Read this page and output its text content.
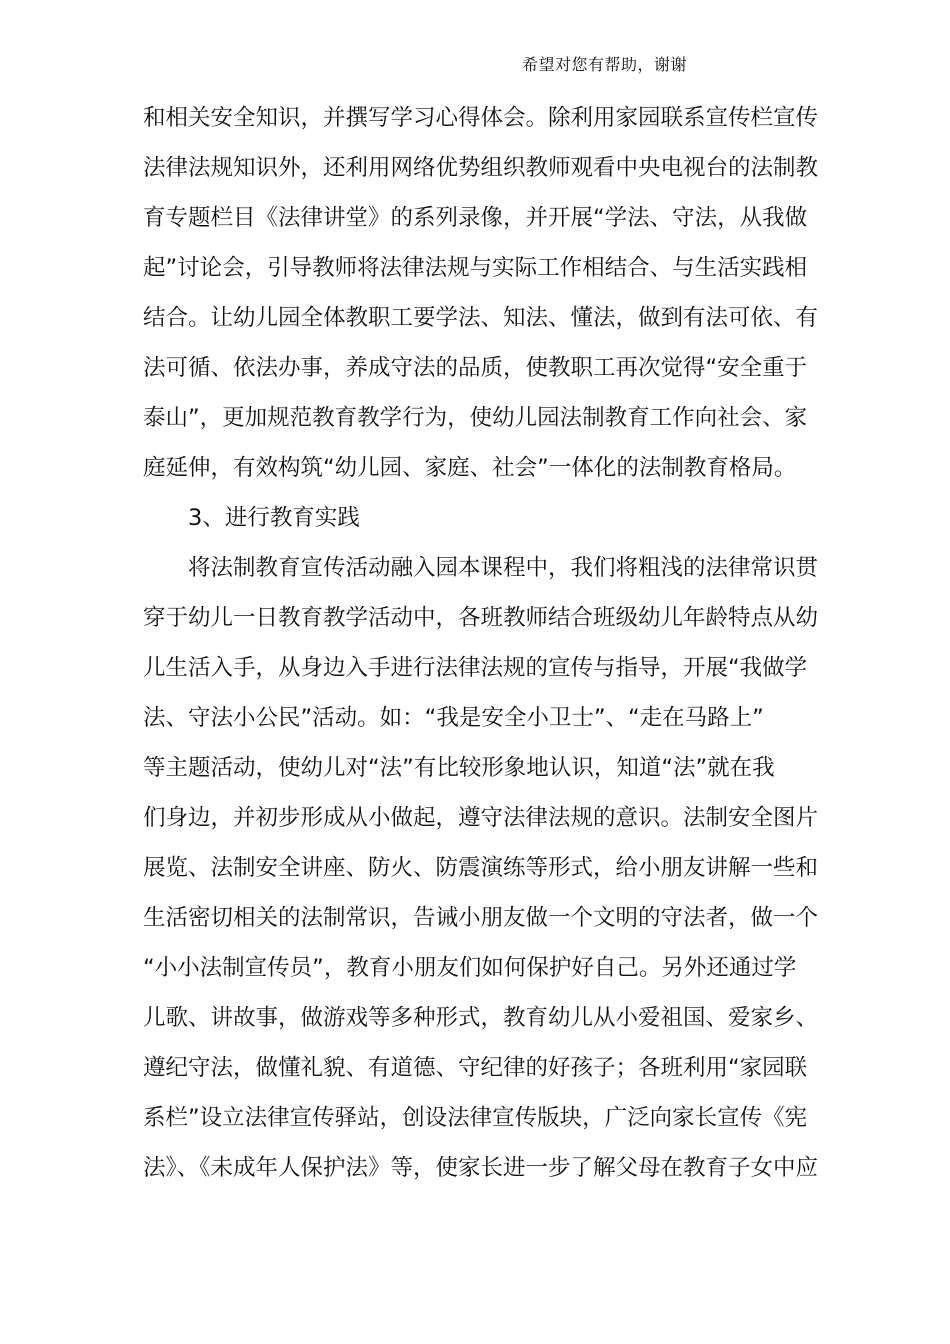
希望对您有帮助，谢谢
和相关安全知识，并撰写学习心得体会。除利用家园联系宣传栏宣传
法律法规知识外，还利用网络优势组织教师观看中央电视台的法制教
育专题栏目《法律讲堂》的系列录像，并开展“学法、守法，从我做
起”讨论会，引导教师将法律法规与实际工作相结合、与生活实践相
结合。让幼儿园全体教职工要学法、知法、懂法，做到有法可依、有
法可循、依法办事，养成守法的品质，使教职工再次觉得“安全重于
泰山”，更加规范教育教学行为，使幼儿园法制教育工作向社会、家
庭延伸，有效构筑“幼儿园、家庭、社会”一体化的法制教育格局。
3、进行教育实践
将法制教育宣传活动融入园本课程中，我们将粗浅的法律常识贯
穿于幼儿一日教育教学活动中，各班教师结合班级幼儿年龄特点从幼
儿生活入手，从身边入手进行法律法规的宣传与指导，开展“我做学
法、守法小公民”活动。如：“我是安全小卫士”、“走在马路上”
等主题活动，使幼儿对“法”有比较形象地认识，知道“法”就在我
们身边，并初步形成从小做起，遵守法律法规的意识。法制安全图片
展览、法制安全讲座、防火、防震演练等形式，给小朋友讲解一些和
生活密切相关的法制常识，告诫小朋友做一个文明的守法者，做一个
“小小法制宣传员”，教育小朋友们如何保护好自己。另外还通过学
儿歌、讲故事，做游戏等多种形式，教育幼儿从小爱祖国、爱家乡、
遵纪守法，做懂礼貌、有道德、守纪律的好孩子；各班利用“家园联
系栏”设立法律宣传驿站，创设法律宣传版块，广泛向家长宣传《宪
法》、《未成年人保护法》等，使家长进一步了解父母在教育子女中应
